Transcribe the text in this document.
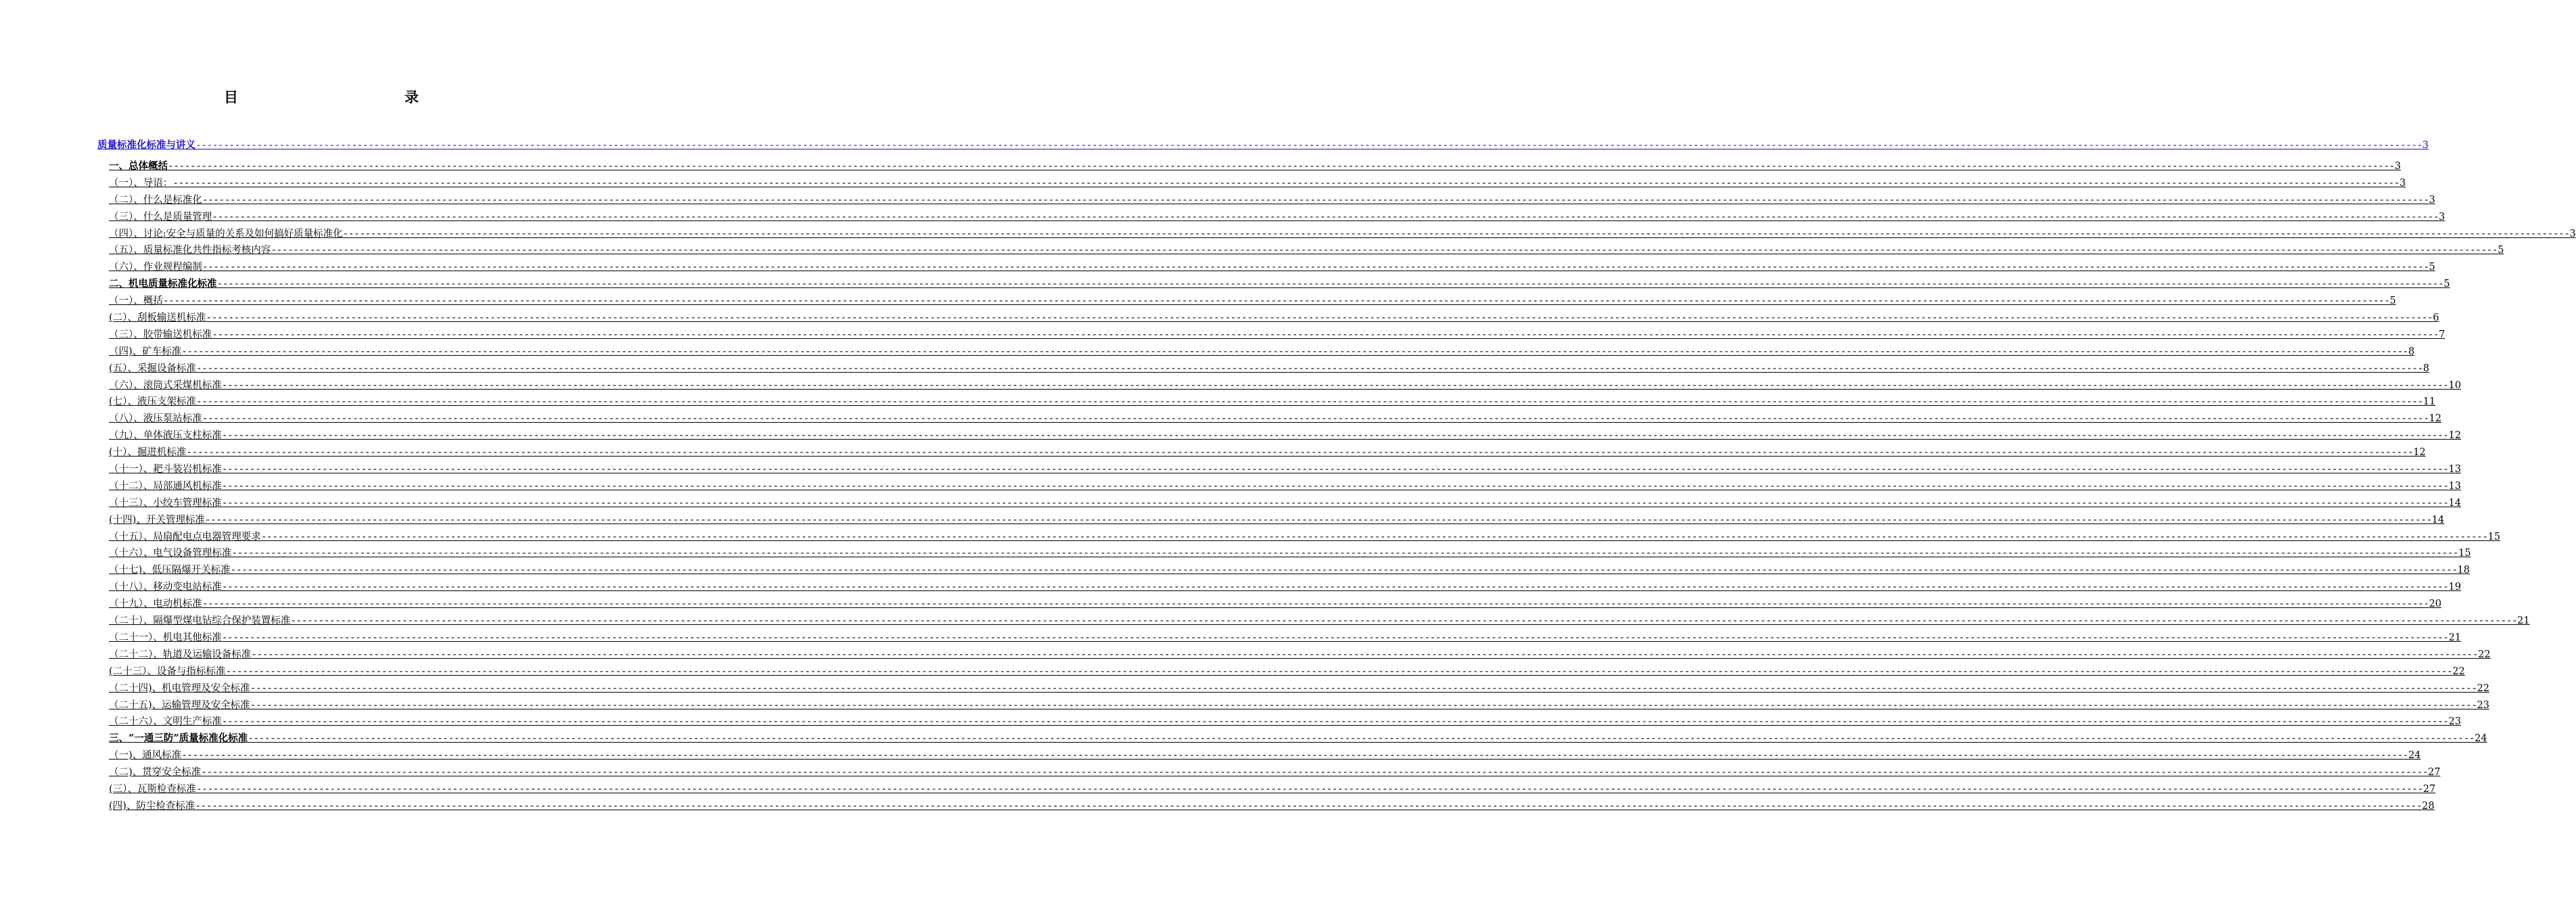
目　　录
质量标准化标准与讲义 ---------------------------------------------------------------------------------------------------------------------------------------------------------------------------------------------------------------------------------------------------------------------------------------------------------------------------------------------------------------------------------------------------------------- 3
一、总体概括 ---------------------------------------------------------------------------------------------------------------------------------------------------------------------------------------------------------------------------------------------------------------------------------------------------------------------------------------------------------------------------------------------------------------- 3
（一）、导语： ---------------------------------------------------------------------------------------------------------------------------------------------------------------------------------------------------------------------------------------------------------------------------------------------------------------------------------------------------------------------------------------------------------------- 3
（二）、什么是标准化 ---------------------------------------------------------------------------------------------------------------------------------------------------------------------------------------------------------------------------------------------------------------------------------------------------------------------------------------------------------------------------------------------------------------- 3
（三）、什么是质量管理 ---------------------------------------------------------------------------------------------------------------------------------------------------------------------------------------------------------------------------------------------------------------------------------------------------------------------------------------------------------------------------------------------------------------- 3
（四）、讨论:安全与质量的关系及如何搞好质量标准化 ---------------------------------------------------------------------------------------------------------------------------------------------------------------------------------------------------------------------------------------------------------------------------------------------------------------------------------------------------------------------------------------------------------------- 3
（五）、质量标准化共性指标考核内容 ---------------------------------------------------------------------------------------------------------------------------------------------------------------------------------------------------------------------------------------------------------------------------------------------------------------------------------------------------------------------------------------------------------------- 5
（六）、作业规程编制 ---------------------------------------------------------------------------------------------------------------------------------------------------------------------------------------------------------------------------------------------------------------------------------------------------------------------------------------------------------------------------------------------------------------- 5
二、机电质量标准化标准 ---------------------------------------------------------------------------------------------------------------------------------------------------------------------------------------------------------------------------------------------------------------------------------------------------------------------------------------------------------------------------------------------------------------- 5
（一）、概括 ---------------------------------------------------------------------------------------------------------------------------------------------------------------------------------------------------------------------------------------------------------------------------------------------------------------------------------------------------------------------------------------------------------------- 5
(二）、刮板输送机标准 ---------------------------------------------------------------------------------------------------------------------------------------------------------------------------------------------------------------------------------------------------------------------------------------------------------------------------------------------------------------------------------------------------------------- 6
（三）、胶带输送机标准 ---------------------------------------------------------------------------------------------------------------------------------------------------------------------------------------------------------------------------------------------------------------------------------------------------------------------------------------------------------------------------------------------------------------- 7
（四)、矿车标准 ---------------------------------------------------------------------------------------------------------------------------------------------------------------------------------------------------------------------------------------------------------------------------------------------------------------------------------------------------------------------------------------------------------------- 8
(五）、采掘设备标准 ---------------------------------------------------------------------------------------------------------------------------------------------------------------------------------------------------------------------------------------------------------------------------------------------------------------------------------------------------------------------------------------------------------------- 8
（六）、滚筒式采煤机标准 ---------------------------------------------------------------------------------------------------------------------------------------------------------------------------------------------------------------------------------------------------------------------------------------------------------------------------------------------------------------------------------------------------------------- 10
(七）、液压支架标准 ---------------------------------------------------------------------------------------------------------------------------------------------------------------------------------------------------------------------------------------------------------------------------------------------------------------------------------------------------------------------------------------------------------------- 11
（八）、液压泵站标准 ---------------------------------------------------------------------------------------------------------------------------------------------------------------------------------------------------------------------------------------------------------------------------------------------------------------------------------------------------------------------------------------------------------------- 12
（九）、单体液压支柱标准 ---------------------------------------------------------------------------------------------------------------------------------------------------------------------------------------------------------------------------------------------------------------------------------------------------------------------------------------------------------------------------------------------------------------- 12
(十）、掘进机标准 ---------------------------------------------------------------------------------------------------------------------------------------------------------------------------------------------------------------------------------------------------------------------------------------------------------------------------------------------------------------------------------------------------------------- 12
（十一）、耙斗装岩机标准 ---------------------------------------------------------------------------------------------------------------------------------------------------------------------------------------------------------------------------------------------------------------------------------------------------------------------------------------------------------------------------------------------------------------- 13
（十二）、局部通风机标准 ---------------------------------------------------------------------------------------------------------------------------------------------------------------------------------------------------------------------------------------------------------------------------------------------------------------------------------------------------------------------------------------------------------------- 13
（十三）、小绞车管理标准 ---------------------------------------------------------------------------------------------------------------------------------------------------------------------------------------------------------------------------------------------------------------------------------------------------------------------------------------------------------------------------------------------------------------- 14
(十四)、开关管理标准 ---------------------------------------------------------------------------------------------------------------------------------------------------------------------------------------------------------------------------------------------------------------------------------------------------------------------------------------------------------------------------------------------------------------- 14
（十五）、局扇配电点电器管理要求 ---------------------------------------------------------------------------------------------------------------------------------------------------------------------------------------------------------------------------------------------------------------------------------------------------------------------------------------------------------------------------------------------------------------- 15
（十六）、电气设备管理标准 ---------------------------------------------------------------------------------------------------------------------------------------------------------------------------------------------------------------------------------------------------------------------------------------------------------------------------------------------------------------------------------------------------------------- 15
（十七)、低压隔爆开关标准 ---------------------------------------------------------------------------------------------------------------------------------------------------------------------------------------------------------------------------------------------------------------------------------------------------------------------------------------------------------------------------------------------------------------- 18
（十八）、移动变电站标准 ---------------------------------------------------------------------------------------------------------------------------------------------------------------------------------------------------------------------------------------------------------------------------------------------------------------------------------------------------------------------------------------------------------------- 19
（十九）、电动机标准 ---------------------------------------------------------------------------------------------------------------------------------------------------------------------------------------------------------------------------------------------------------------------------------------------------------------------------------------------------------------------------------------------------------------- 20
（二十）、隔爆型煤电钻综合保护装置标准 ---------------------------------------------------------------------------------------------------------------------------------------------------------------------------------------------------------------------------------------------------------------------------------------------------------------------------------------------------------------------------------------------------------------- 21
（二十一）、机电其他标准 ---------------------------------------------------------------------------------------------------------------------------------------------------------------------------------------------------------------------------------------------------------------------------------------------------------------------------------------------------------------------------------------------------------------- 21
（二十二）、轨道及运输设备标准 ---------------------------------------------------------------------------------------------------------------------------------------------------------------------------------------------------------------------------------------------------------------------------------------------------------------------------------------------------------------------------------------------------------------- 22
(二十三）、设备与指标标准 ---------------------------------------------------------------------------------------------------------------------------------------------------------------------------------------------------------------------------------------------------------------------------------------------------------------------------------------------------------------------------------------------------------------- 22
（二十四)、机电管理及安全标准 ---------------------------------------------------------------------------------------------------------------------------------------------------------------------------------------------------------------------------------------------------------------------------------------------------------------------------------------------------------------------------------------------------------------- 22
（二十五)、运输管理及安全标准 ---------------------------------------------------------------------------------------------------------------------------------------------------------------------------------------------------------------------------------------------------------------------------------------------------------------------------------------------------------------------------------------------------------------- 23
（二十六）、文明生产标准 ---------------------------------------------------------------------------------------------------------------------------------------------------------------------------------------------------------------------------------------------------------------------------------------------------------------------------------------------------------------------------------------------------------------- 23
三、“一通三防”质量标准化标准 ---------------------------------------------------------------------------------------------------------------------------------------------------------------------------------------------------------------------------------------------------------------------------------------------------------------------------------------------------------------------------------------------------------------- 24
（一)、通风标准 ---------------------------------------------------------------------------------------------------------------------------------------------------------------------------------------------------------------------------------------------------------------------------------------------------------------------------------------------------------------------------------------------------------------- 24
（二)、贯穿安全标准 ---------------------------------------------------------------------------------------------------------------------------------------------------------------------------------------------------------------------------------------------------------------------------------------------------------------------------------------------------------------------------------------------------------------- 27
(三）、瓦斯检查标准 ---------------------------------------------------------------------------------------------------------------------------------------------------------------------------------------------------------------------------------------------------------------------------------------------------------------------------------------------------------------------------------------------------------------- 27
(四)、防尘检查标准 ---------------------------------------------------------------------------------------------------------------------------------------------------------------------------------------------------------------------------------------------------------------------------------------------------------------------------------------------------------------------------------------------------------------- 28
